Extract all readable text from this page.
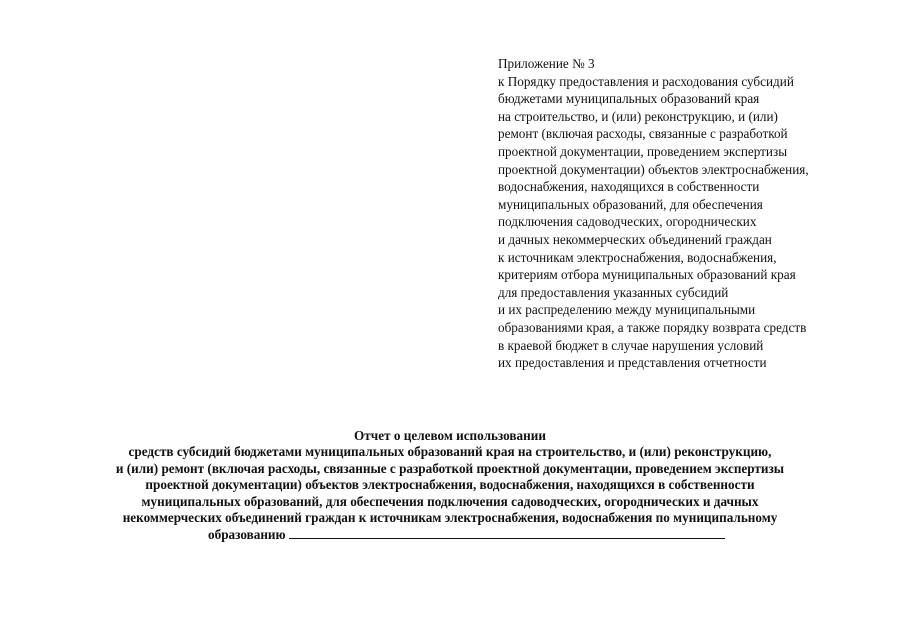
Приложение № 3
к Порядку предоставления и расходования субсидий
бюджетами муниципальных образований края
на строительство, и (или) реконструкцию, и (или)
ремонт (включая расходы, связанные с разработкой
проектной документации, проведением экспертизы
проектной документации) объектов электроснабжения,
водоснабжения, находящихся в собственности
муниципальных образований, для обеспечения
подключения садоводческих, огороднических
и дачных некоммерческих объединений граждан
к источникам электроснабжения, водоснабжения,
критериям отбора муниципальных образований края
для предоставления указанных субсидий
и их распределению между муниципальными
образованиями края, а также порядку возврата средств
в краевой бюджет в случае нарушения условий
их предоставления и представления отчетности
Отчет о целевом использовании
средств субсидий бюджетами муниципальных образований края на строительство, и (или) реконструкцию,
и (или) ремонт (включая расходы, связанные с разработкой проектной документации, проведением экспертизы
проектной документации) объектов электроснабжения, водоснабжения, находящихся в собственности
муниципальных образований, для обеспечения подключения садоводческих, огороднических и дачных
некоммерческих объединений граждан к источникам электроснабжения, водоснабжения по муниципальному
образованию
